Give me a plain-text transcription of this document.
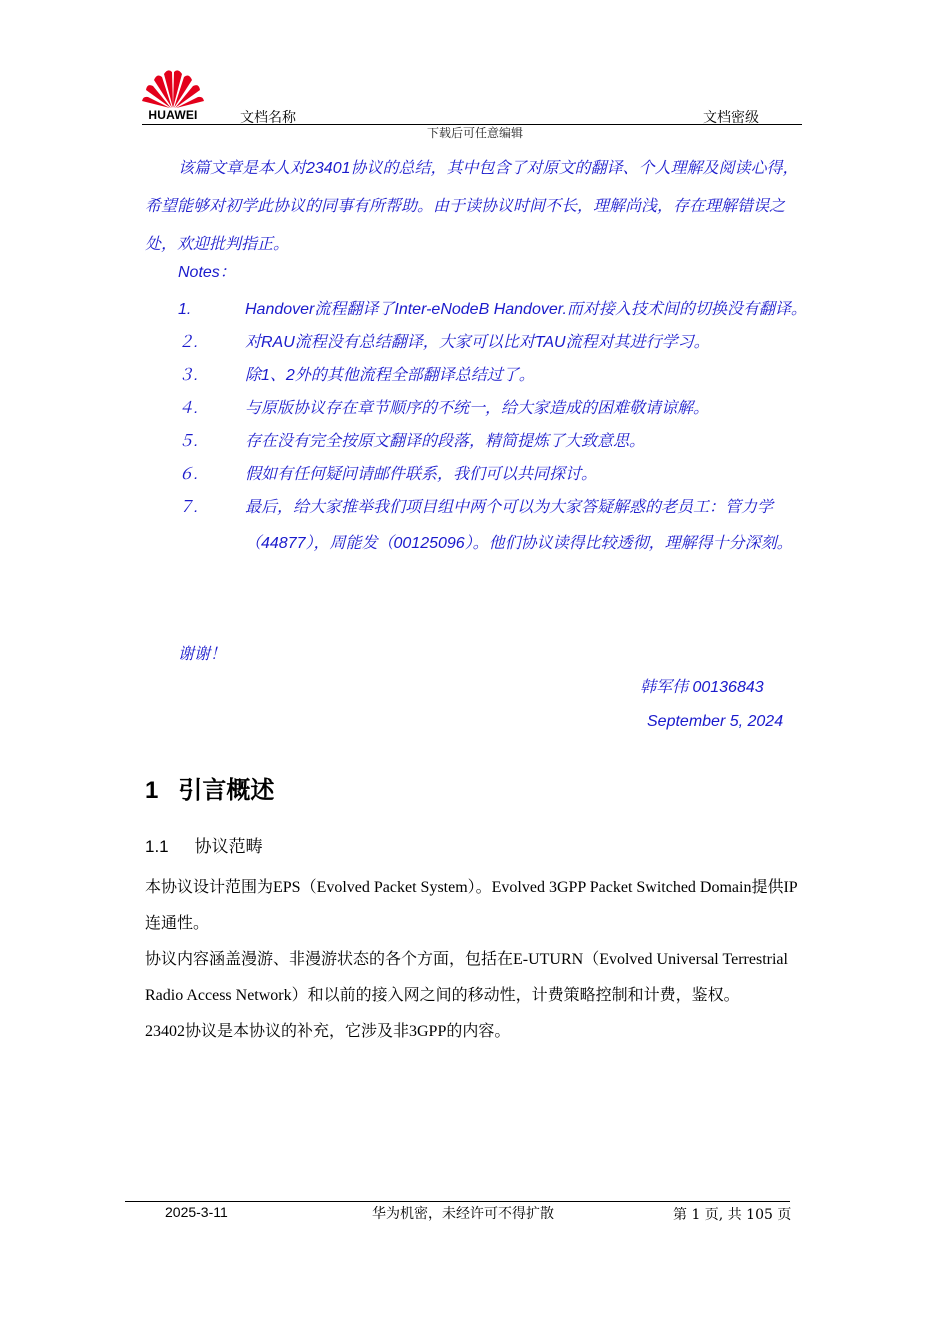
HUAWEI	文档名称	文档密级
下载后可任意编辑

该篇文章是本人对23401协议的总结，其中包含了对原文的翻译、个人理解及阅读心得，希望能够对初学此协议的同事有所帮助。由于读协议时间不长，理解尚浅，存在理解错误之处，欢迎批判指正。

Notes：
1.	Handover流程翻译了Inter-eNodeB Handover.而对接入技术间的切换没有翻译。
２.	对RAU流程没有总结翻译，大家可以比对TAU流程对其进行学习。
３.	除1、2外的其他流程全部翻译总结过了。
４.	与原版协议存在章节顺序的不统一，给大家造成的困难敬请谅解。
５.	存在没有完全按原文翻译的段落，精简提炼了大致意思。
６.	假如有任何疑问请邮件联系，我们可以共同探讨。
７.	最后，给大家推举我们项目组中两个可以为大家答疑解惑的老员工：管力学（44877），周能发（00125096）。他们协议读得比较透彻，理解得十分深刻。
谢谢！
韩军伟 00136843
September 5, 2024
1 引言概述
1.1 协议范畴

本协议设计范围为EPS（Evolved Packet System）。Evolved 3GPP Packet Switched Domain提供IP连通性。

协议内容涵盖漫游、非漫游状态的各个方面，包括在E-UTURN（Evolved Universal Terrestrial Radio Access Network）和以前的接入网之间的移动性，计费策略控制和计费，鉴权。

23402协议是本协议的补充，它涉及非3GPP的内容。

2025-3-11	华为机密，未经许可不得扩散	第 1 页, 共 105 页
